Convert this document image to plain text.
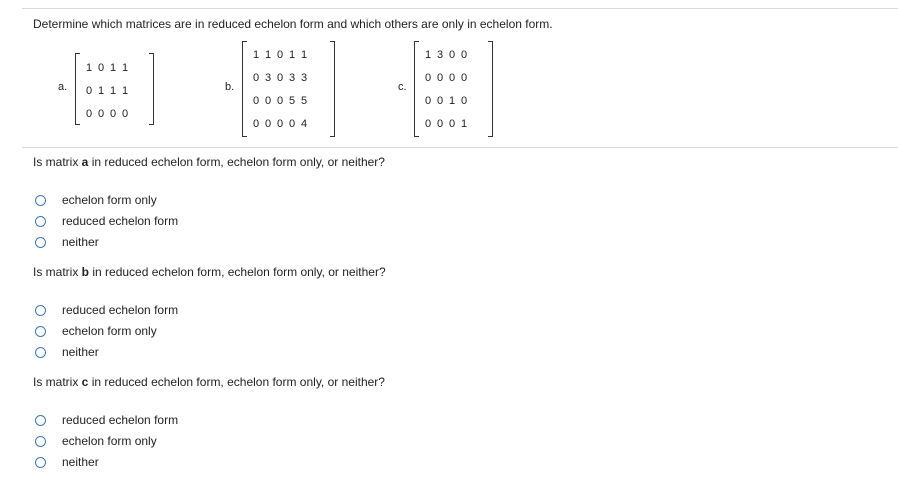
Determine which matrices are in reduced echelon form and which others are only in echelon form.
a.
1	0	1	1
0	1	1	1
0	0	0	0
b.
1	1	0	1	1
0	3	0	3	3
0	0	0	5	5
0	0	0	0	4
c.
1	3	0	0
0	0	0	0
0	0	1	0
0	0	0	1
Is matrix a in reduced echelon form, echelon form only, or neither?
echelon form only
reduced echelon form
neither
Is matrix b in reduced echelon form, echelon form only, or neither?
reduced echelon form
echelon form only
neither
Is matrix c in reduced echelon form, echelon form only, or neither?
reduced echelon form
echelon form only
neither
